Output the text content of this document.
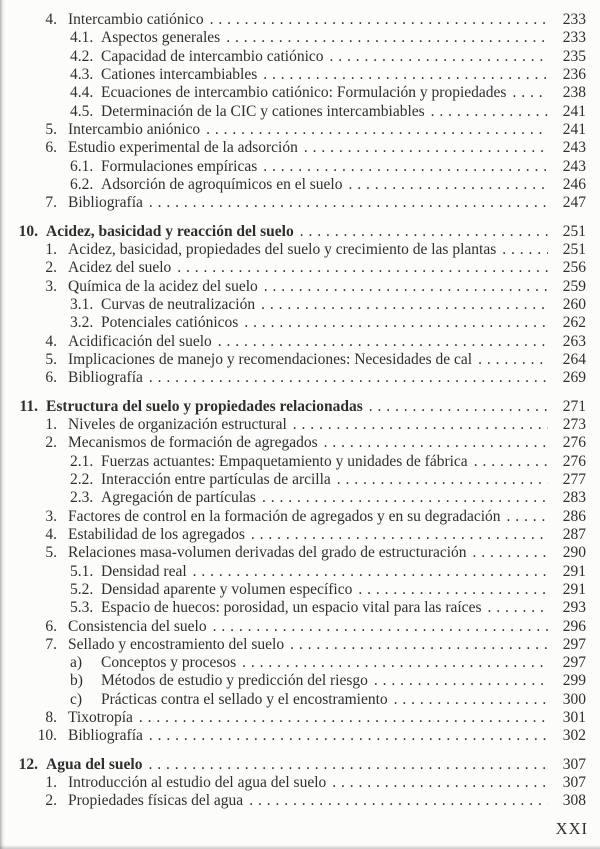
4. Intercambio catiónico . . .	233
4.1. Aspectos generales . . .	233
4.2. Capacidad de intercambio catiónico . . .	235
4.3. Cationes intercambiables . . .	236
4.4. Ecuaciones de intercambio catiónico: Formulación y propiedades . . .	238
4.5. Determinación de la CIC y cationes intercambiables . . .	241
5. Intercambio aniónico . . .	241
6. Estudio experimental de la adsorción . . .	243
6.1. Formulaciones empíricas . . .	243
6.2. Adsorción de agroquímicos en el suelo . . .	246
7. Bibliografía . . .	247
10. Acidez, basicidad y reacción del suelo . . .	251
1. Acidez, basicidad, propiedades del suelo y crecimiento de las plantas . . .	251
2. Acidez del suelo . . .	256
3. Química de la acidez del suelo . . .	259
3.1. Curvas de neutralización . . .	260
3.2. Potenciales catiónicos . . .	262
4. Acidificación del suelo . . .	263
5. Implicaciones de manejo y recomendaciones: Necesidades de cal . . .	264
6. Bibliografía . . .	269
11. Estructura del suelo y propiedades relacionadas . . .	271
1. Niveles de organización estructural . . .	273
2. Mecanismos de formación de agregados . . .	276
2.1. Fuerzas actuantes: Empaquetamiento y unidades de fábrica . . .	276
2.2. Interacción entre partículas de arcilla . . .	277
2.3. Agregación de partículas . . .	283
3. Factores de control en la formación de agregados y en su degradación . . .	286
4. Estabilidad de los agregados . . .	287
5. Relaciones masa-volumen derivadas del grado de estructuración . . .	290
5.1. Densidad real . . .	291
5.2. Densidad aparente y volumen específico . . .	291
5.3. Espacio de huecos: porosidad, un espacio vital para las raíces . . .	293
6. Consistencia del suelo . . .	296
7. Sellado y encostramiento del suelo . . .	297
a)	Conceptos y procesos . . .	297
b)	Métodos de estudio y predicción del riesgo . . .	299
c)	Prácticas contra el sellado y el encostramiento . . .	300
8. Tixotropía . . .	301
10. Bibliografía . . .	302
12. Agua del suelo . . .	307
1. Introducción al estudio del agua del suelo . . .	307
2. Propiedades físicas del agua . . .	308
XXI
